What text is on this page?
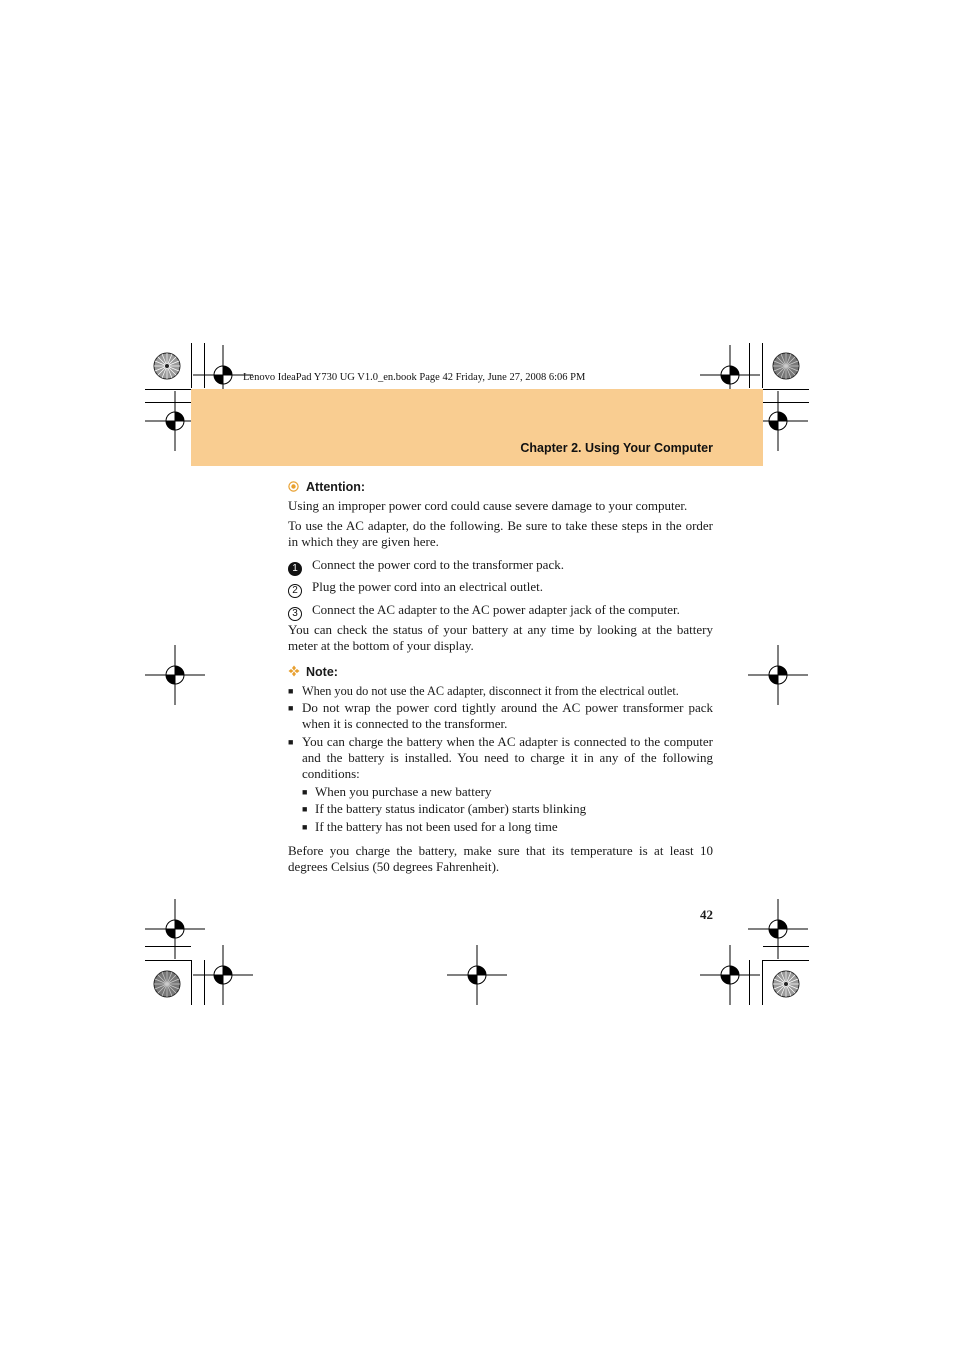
Lenovo IdeaPad Y730 UG V1.0_en.book Page 42 Friday, June 27, 2008 6:06 PM
Chapter 2. Using Your Computer
Attention:
Using an improper power cord could cause severe damage to your computer.
To use the AC adapter, do the following. Be sure to take these steps in the order in which they are given here.
1 Connect the power cord to the transformer pack.
2 Plug the power cord into an electrical outlet.
3 Connect the AC adapter to the AC power adapter jack of the computer.
You can check the status of your battery at any time by looking at the battery meter at the bottom of your display.
Note:
■ When you do not use the AC adapter, disconnect it from the electrical outlet.
■ Do not wrap the power cord tightly around the AC power transformer pack when it is connected to the transformer.
■ You can charge the battery when the AC adapter is connected to the computer and the battery is installed. You need to charge it in any of the following conditions:
■ When you purchase a new battery
■ If the battery status indicator (amber) starts blinking
■ If the battery has not been used for a long time
Before you charge the battery, make sure that its temperature is at least 10 degrees Celsius (50 degrees Fahrenheit).
42
